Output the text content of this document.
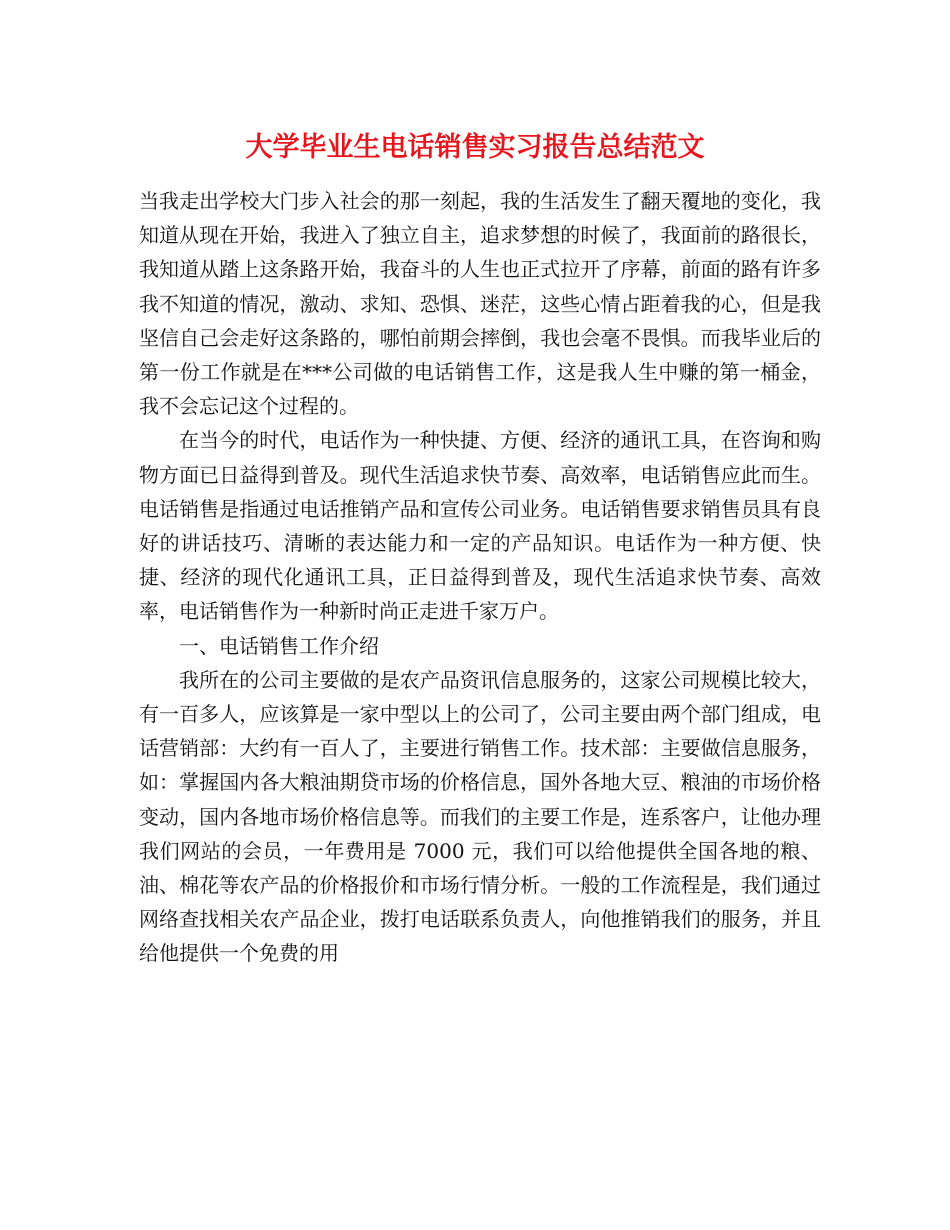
大学毕业生电话销售实习报告总结范文

当我走出学校大门步入社会的那一刻起，我的生活发生了翻天覆地的变化，我知道从现在开始，我进入了独立自主，追求梦想的时候了，我面前的路很长，我知道从踏上这条路开始，我奋斗的人生也正式拉开了序幕，前面的路有许多我不知道的情况，激动、求知、恐惧、迷茫，这些心情占距着我的心，但是我坚信自己会走好这条路的，哪怕前期会摔倒，我也会毫不畏惧。而我毕业后的第一份工作就是在***公司做的电话销售工作，这是我人生中赚的第一桶金，我不会忘记这个过程的。

在当今的时代，电话作为一种快捷、方便、经济的通讯工具，在咨询和购物方面已日益得到普及。现代生活追求快节奏、高效率，电话销售应此而生。电话销售是指通过电话推销产品和宣传公司业务。电话销售要求销售员具有良好的讲话技巧、清晰的表达能力和一定的产品知识。电话作为一种方便、快捷、经济的现代化通讯工具，正日益得到普及，现代生活追求快节奏、高效率，电话销售作为一种新时尚正走进千家万户。

一、电话销售工作介绍

我所在的公司主要做的是农产品资讯信息服务的，这家公司规模比较大，有一百多人，应该算是一家中型以上的公司了，公司主要由两个部门组成，电话营销部：大约有一百人了，主要进行销售工作。技术部：主要做信息服务，如：掌握国内各大粮油期贷市场的价格信息，国外各地大豆、粮油的市场价格变动，国内各地市场价格信息等。而我们的主要工作是，连系客户，让他办理我们网站的会员，一年费用是 7000 元，我们可以给他提供全国各地的粮、油、棉花等农产品的价格报价和市场行情分析。一般的工作流程是，我们通过网络查找相关农产品企业，拨打电话联系负责人，向他推销我们的服务，并且给他提供一个免费的用
